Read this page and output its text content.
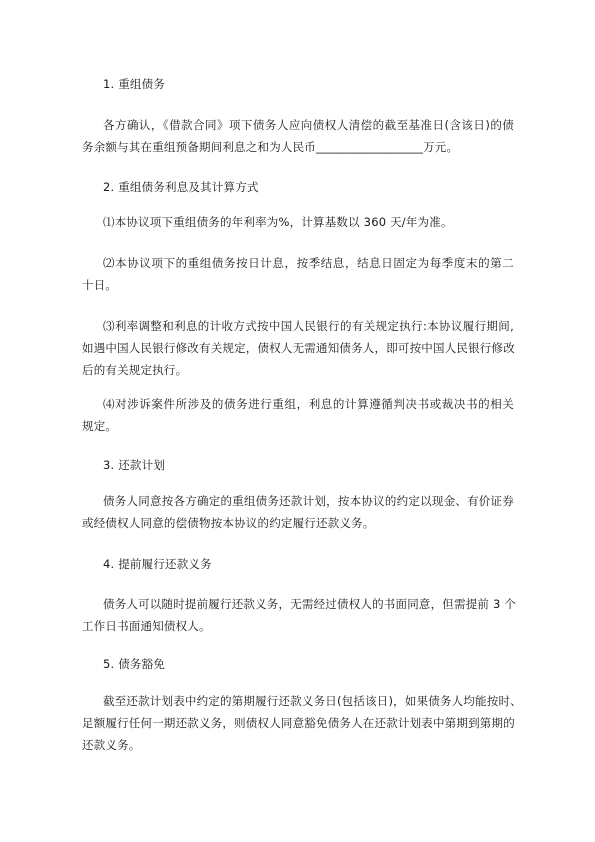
1. 重组债务
各方确认，《借款合同》项下债务人应向债权人清偿的截至基准日(含该日)的债
务余额与其在重组预备期间利息之和为人民币__________________万元。
2. 重组债务利息及其计算方式
⑴本协议项下重组债务的年利率为%，计算基数以 360 天/年为准。
⑵本协议项下的重组债务按日计息，按季结息，结息日固定为每季度末的第二
十日。
⑶利率调整和利息的计收方式按中国人民银行的有关规定执行:本协议履行期间,
如遇中国人民银行修改有关规定，债权人无需通知债务人，即可按中国人民银行修改
后的有关规定执行。
⑷对涉诉案件所涉及的债务进行重组，利息的计算遵循判决书或裁决书的相关
规定。
3. 还款计划
债务人同意按各方确定的重组债务还款计划，按本协议的约定以现金、有价证券
或经债权人同意的偿债物按本协议的约定履行还款义务。
4. 提前履行还款义务
债务人可以随时提前履行还款义务，无需经过债权人的书面同意，但需提前 3 个
工作日书面通知债权人。
5. 债务豁免
截至还款计划表中约定的第期履行还款义务日(包括该日)，如果债务人均能按时、
足额履行任何一期还款义务，则债权人同意豁免债务人在还款计划表中第期到第期的
还款义务。
